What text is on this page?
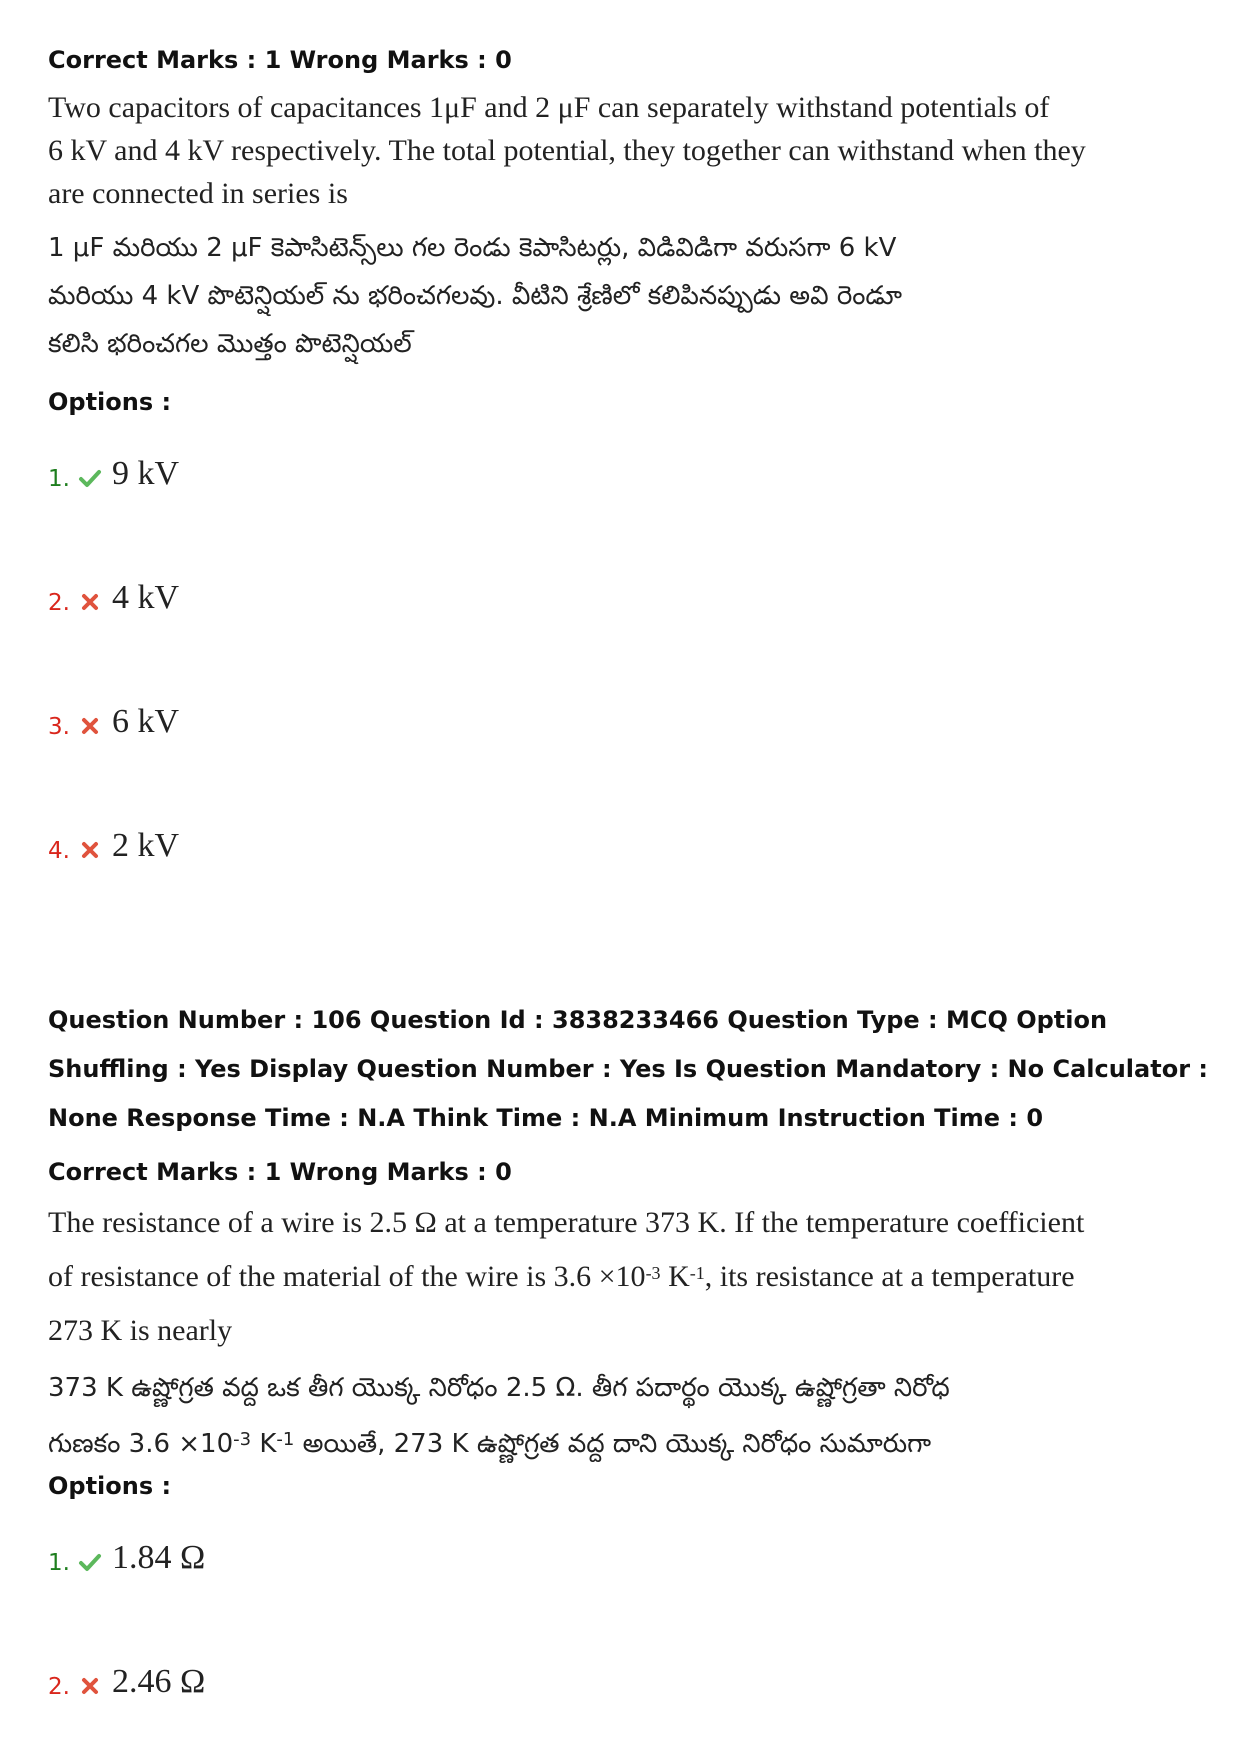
Correct Marks : 1 Wrong Marks : 0

Two capacitors of capacitances 1μF and 2 μF can separately withstand potentials of
6 kV and 4 kV respectively. The total potential, they together can withstand when they
are connected in series is
1 μF మరియు 2 μF కెపాసిటెన్స్‌లు గల రెండు కెపాసిటర్లు, విడివిడిగా వరుసగా 6 kV
మరియు 4 kV పొటెన్షియల్ ను భరించగలవు. వీటిని శ్రేణిలో కలిపినప్పుడు అవి రెండూ
కలిసి భరించగల మొత్తం పొటెన్షియల్

Options :

1. 9 kV
2. 4 kV
3. 6 kV
4. 2 kV

Question Number : 106 Question Id : 3838233466 Question Type : MCQ Option Shuffling : Yes Display Question Number : Yes Is Question Mandatory : No Calculator : None Response Time : N.A Think Time : N.A Minimum Instruction Time : 0

Correct Marks : 1 Wrong Marks : 0

The resistance of a wire is 2.5 Ω at a temperature 373 K. If the temperature coefficient
of resistance of the material of the wire is $3.6 \times 10^{-3}$ $K^{-1}$, its resistance at a temperature
273 K is nearly
373 K ఉష్ణోగ్రత వద్ద ఒక తీగ యొక్క నిరోధం 2.5 Ω. తీగ పదార్థం యొక్క ఉష్ణోగ్రతా నిరోధ
గుణకం $3.6 \times 10^{-3}$ $K^{-1}$ అయితే, 273 K ఉష్ణోగ్రత వద్ద దాని యొక్క నిరోధం సుమారుగా

Options :

1. 1.84 Ω
2. 2.46 Ω
